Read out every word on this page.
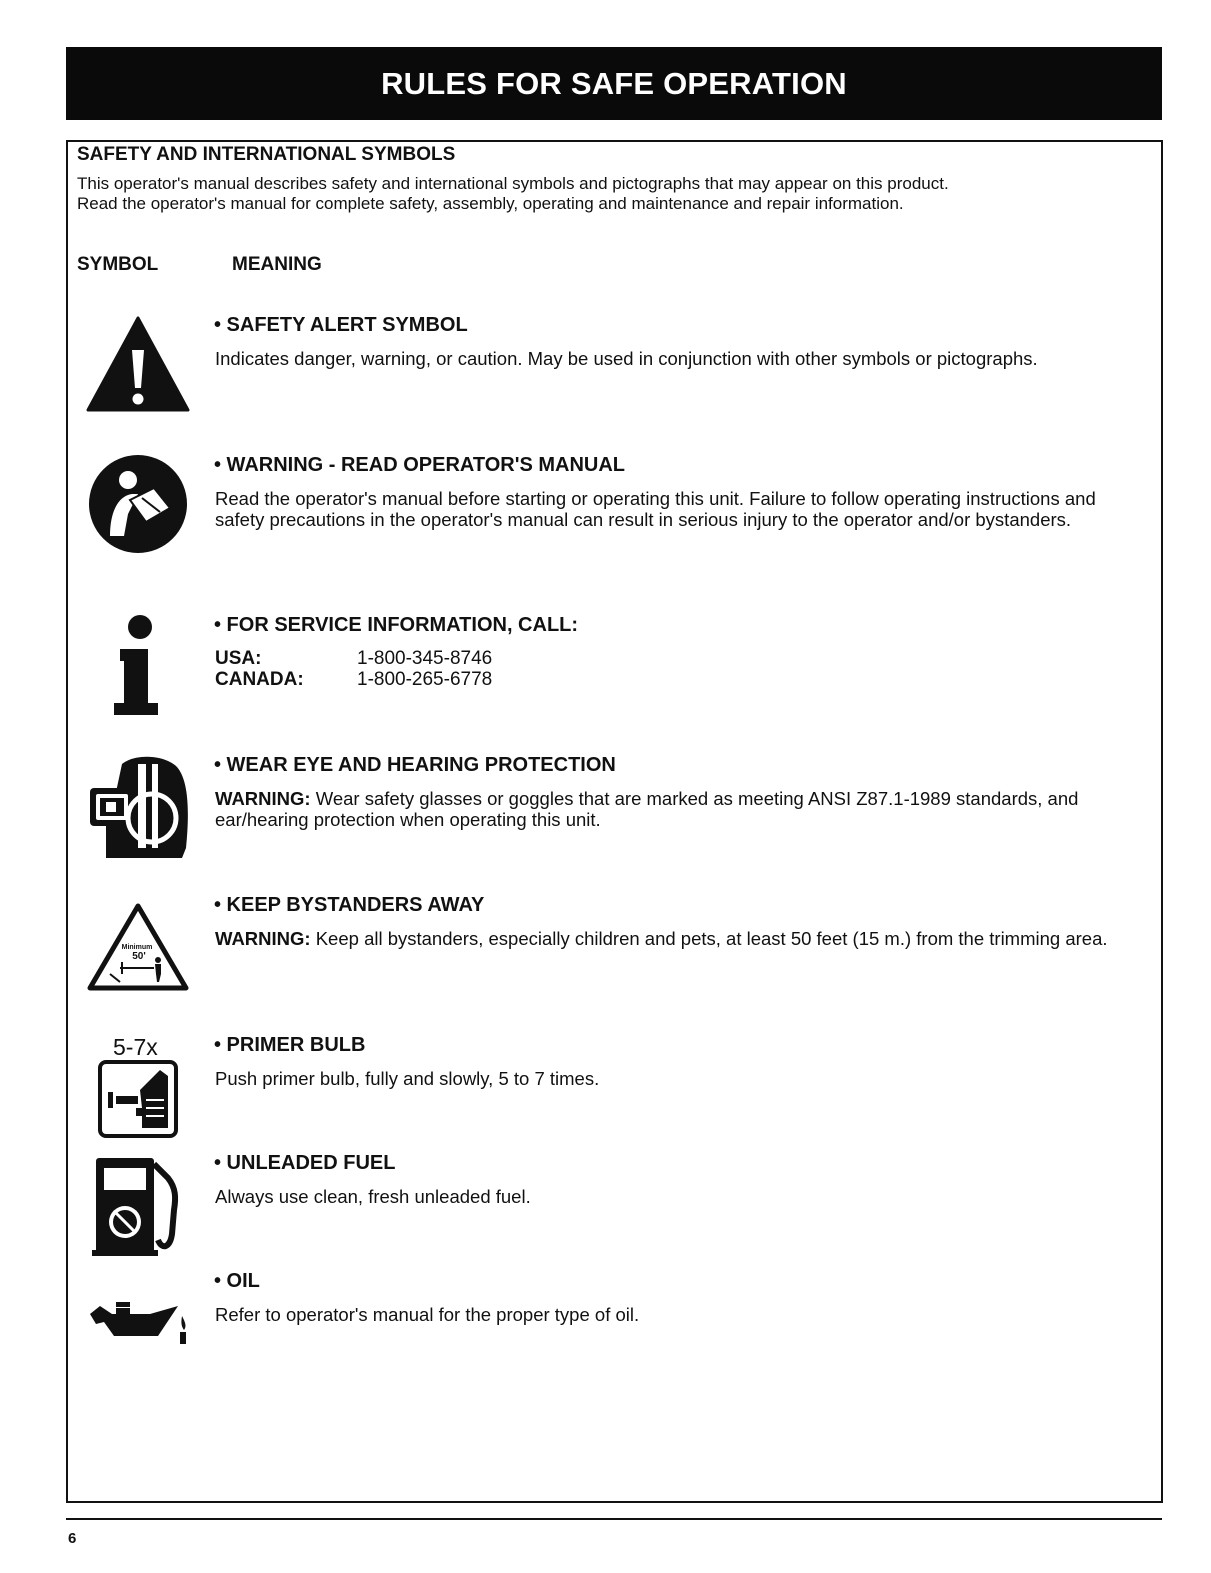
RULES FOR SAFE OPERATION
SAFETY AND INTERNATIONAL SYMBOLS
This operator's manual describes safety and international symbols and pictographs that may appear on this product.
Read the operator's manual for complete safety, assembly, operating and maintenance and repair information.
SYMBOL	MEANING
• SAFETY ALERT SYMBOL
Indicates danger, warning, or caution. May be used in conjunction with other symbols or pictographs.
• WARNING - READ OPERATOR'S MANUAL
Read the operator's manual before starting or operating this unit. Failure to follow operating instructions and safety precautions in the operator's manual can result in serious injury to the operator and/or bystanders.
• FOR SERVICE INFORMATION, CALL:
USA:	1-800-345-8746
CANADA:	1-800-265-6778
• WEAR EYE AND HEARING PROTECTION
WARNING: Wear safety glasses or goggles that are marked as meeting ANSI Z87.1-1989 standards, and ear/hearing protection when operating this unit.
Minimum
50'
• KEEP BYSTANDERS AWAY
WARNING: Keep all bystanders, especially children and pets, at least 50 feet (15 m.) from the trimming area.
5-7x	• PRIMER BULB
Push primer bulb, fully and slowly, 5 to 7 times.
• UNLEADED FUEL
Always use clean, fresh unleaded fuel.
• OIL
Refer to operator's manual for the proper type of oil.
6
